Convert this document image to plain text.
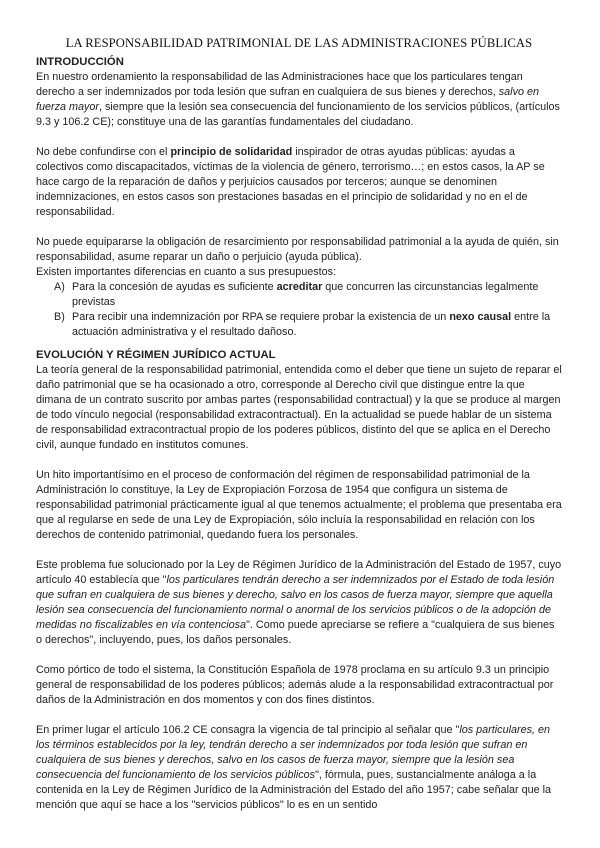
LA RESPONSABILIDAD PATRIMONIAL DE LAS ADMINISTRACIONES PÚBLICAS
INTRODUCCIÓN

En nuestro ordenamiento la responsabilidad de las Administraciones hace que los particulares tengan derecho a ser indemnizados por toda lesión que sufran en cualquiera de sus bienes y derechos, salvo en fuerza mayor, siempre que la lesión sea consecuencia del funcionamiento de los servicios públicos, (artículos 9.3 y 106.2 CE); constituye una de las garantías fundamentales del ciudadano.

No debe confundirse con el principio de solidaridad inspirador de otras ayudas públicas: ayudas a colectivos como discapacitados, víctimas de la violencia de género, terrorismo…; en estos casos, la AP se hace cargo de la reparación de daños y perjuicios causados por terceros; aunque se denominen indemnizaciones, en estos casos son prestaciones basadas en el principio de solidaridad y no en el de responsabilidad.

No puede equipararse la obligación de resarcimiento por responsabilidad patrimonial a la ayuda de quién, sin responsabilidad, asume reparar un daño o perjuicio (ayuda pública).

Existen importantes diferencias en cuanto a sus presupuestos:

A) Para la concesión de ayudas es suficiente acreditar que concurren las circunstancias legalmente previstas
B) Para recibir una indemnización por RPA se requiere probar la existencia de un nexo causal entre la actuación administrativa y el resultado dañoso.
EVOLUCIÓN Y RÉGIMEN JURÍDICO ACTUAL

La teoría general de la responsabilidad patrimonial, entendida como el deber que tiene un sujeto de reparar el daño patrimonial que se ha ocasionado a otro, corresponde al Derecho civil que distingue entre la que dimana de un contrato suscrito por ambas partes (responsabilidad contractual) y la que se produce al margen de todo vínculo negocial (responsabilidad extracontractual). En la actualidad se puede hablar de un sistema de responsabilidad extracontractual propio de los poderes públicos, distinto del que se aplica en el Derecho civil, aunque fundado en institutos comunes.

Un hito importantísimo en el proceso de conformación del régimen de responsabilidad patrimonial de la Administración lo constituye, la Ley de Expropiación Forzosa de 1954 que configura un sistema de responsabilidad patrimonial prácticamente igual al que tenemos actualmente; el problema que presentaba era que al regularse en sede de una Ley de Expropiación, sólo incluía la responsabilidad en relación con los derechos de contenido patrimonial, quedando fuera los personales.

Este problema fue solucionado por la Ley de Régimen Jurídico de la Administración del Estado de 1957, cuyo artículo 40 establecía que "los particulares tendrán derecho a ser indemnizados por el Estado de toda lesión que sufran en cualquiera de sus bienes y derecho, salvo en los casos de fuerza mayor, siempre que aquella lesión sea consecuencia del funcionamiento normal o anormal de los servicios públicos o de la adopción de medidas no fiscalizables en vía contenciosa". Como puede apreciarse se refiere a "cualquiera de sus bienes o derechos", incluyendo, pues, los daños personales.

Como pórtico de todo el sistema, la Constitución Española de 1978 proclama en su artículo 9.3 un principio general de responsabilidad de los poderes públicos; además alude a la responsabilidad extracontractual por daños de la Administración en dos momentos y con dos fines distintos.

En primer lugar el artículo 106.2 CE consagra la vigencia de tal principio al señalar que "los particulares, en los términos establecidos por la ley, tendrán derecho a ser indemnizados por toda lesión que sufran en cualquiera de sus bienes y derechos, salvo en los casos de fuerza mayor, siempre que la lesión sea consecuencia del funcionamiento de los servicios públicos", fórmula, pues, sustancialmente análoga a la contenida en la Ley de Régimen Jurídico de la Administración del Estado del año 1957; cabe señalar que la mención que aquí se hace a los "servicios públicos" lo es en un sentido
